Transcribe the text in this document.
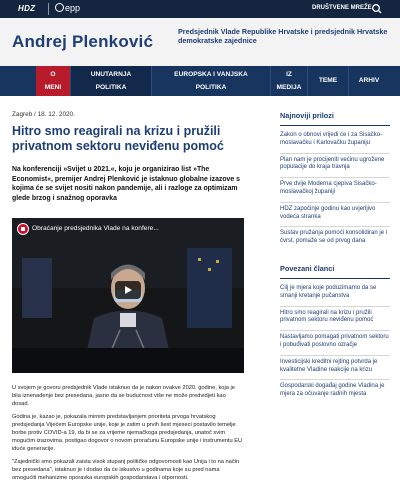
HDZ	epp	DRUŠTVENE MREŽE
Andrej Plenković
Predsjednik Vlade Republike Hrvatske i predsjednik Hrvatske demokratske zajednice
O
MENI
UNUTARNJA
POLITIKA
EUROPSKA I VANJSKA
POLITIKA
IZ
MEDIJA
TEME	ARHIV
Zagreb / 18. 12. 2020.
Hitro smo reagirali na krizu i pružili privatnom sektoru neviđenu pomoć
Na konferenciji »Svijet u 2021.«, koju je organizirao list »The Economist«, premijer Andrej Plenković je istaknuo globalne izazove s kojima će se svijet nositi nakon pandemije, ali i razloge za optimizam glede brzog i snažnog oporavka
Obraćanje predsjednika Vlade na konfere...

U svojem je govoru predsjednik Vlade istaknuo da je nakon ovakve 2020. godine, koja je bila iznenađenje bez presedana, jasno da se budućnost više ne može predvidjeti kao dosad.

Godina je, kazao je, pokazala mirnim predstavljanjem prioriteta prvoga hrvatskog predsjedanja Vijećem Europske unije, koje je zatim u prvih šest mjeseci postavilo temelje borbe protiv COVID-a 19, da bi se za vrijeme njemačkoga predsjedanja, unatoč svim mogućim izazovima, postigao dogovor o novom proračunu Europske unije i instrumentu EU iduće generacije.

"Zajednički smo pokazali zaista visok stupanj političke odgovornosti kao Unija i to na način bez presedana", istaknuo je i dodao da će iskustvo u godinama koje su pred nama omogućiti mehanizme oporavka europskih gospodarstava i otpornosti.

Najnoviji prilozi
Zakon o obnovi vrijedi će i za Sisačko-moslavačku i Karlovačku županiju
Plan nam je procijeniti većinu ugrožene populacije do kraja travnja
Prve dvije Moderna cjepiva Sisačko-moslavačkoj županiji
HDZ započinje godinu kao uvjerljivo vodeća stranka
Sustav pružanja pomoći konsolidiran je i čvrst, pomaže se od prvog dana
Povezani članci
Cilj je mjera koje poduzimamo da se smanji kretanje pučanstva
Hitro smo reagirali na krizu i pružili privatnom sektoru neviđenu pomoć
Nastavljamo pomagati privatnom sektoru i pobuđivati poslovno ozračje
Investicijski kreditni rejting potvrda je kvalitetne Vladine reakcije na krizu
Gospodarski događaj godine Vladina je mjera za očuvanje radnih mjesta
